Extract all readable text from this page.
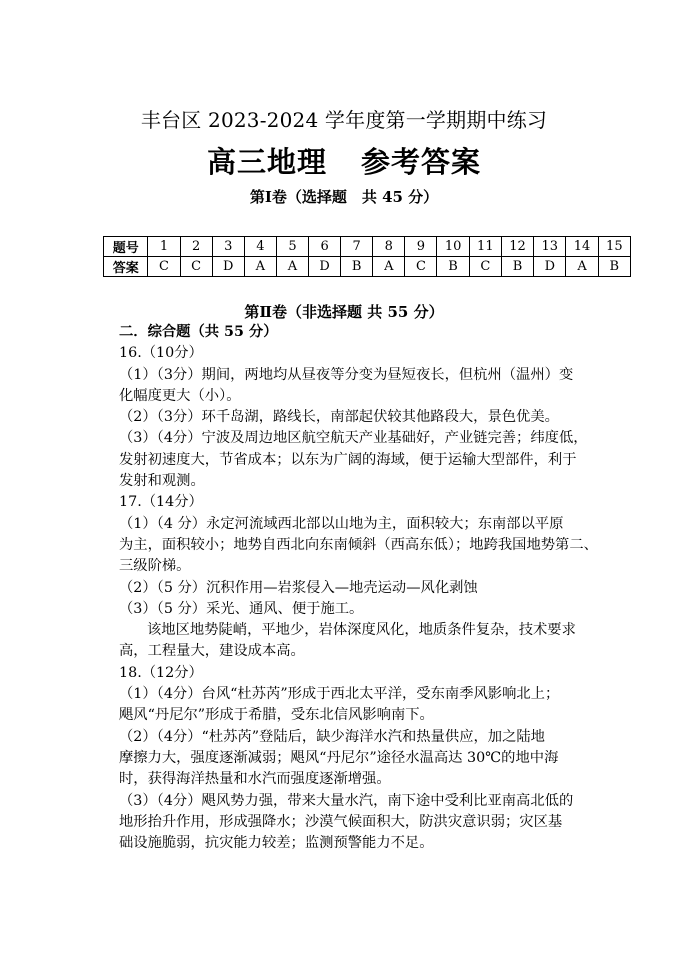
丰台区 2023-2024 学年度第一学期期中练习
高三地理 参考答案
第Ⅰ卷（选择题　共 45 分）
题号	1	2	3	4	5	6	7	8	9	10	11	12	13	14	15
答案	C	C	D	A	A	D	B	A	C	B	C	B	D	A	B
第Ⅱ卷（非选择题 共 55 分）

二．综合题（共 55 分）

16.（10分）

（1）（3分）期间，两地均从昼夜等分变为昼短夜长，但杭州（温州）变

化幅度更大（小）。

（2）（3分）环千岛湖，路线长，南部起伏较其他路段大，景色优美。

（3）（4分）宁波及周边地区航空航天产业基础好，产业链完善；纬度低，

发射初速度大，节省成本；以东为广阔的海域，便于运输大型部件，利于

发射和观测。

17.（14分）

（1）（4 分）永定河流域西北部以山地为主，面积较大；东南部以平原

为主，面积较小；地势自西北向东南倾斜（西高东低）；地跨我国地势第二、

三级阶梯。

（2）（5 分）沉积作用—岩浆侵入—地壳运动—风化剥蚀

（3）（5 分）采光、通风、便于施工。

该地区地势陡峭，平地少，岩体深度风化，地质条件复杂，技术要求

高，工程量大，建设成本高。

18.（12分）

（1）（4分）台风“杜苏芮”形成于西北太平洋，受东南季风影响北上；

飓风“丹尼尔”形成于希腊，受东北信风影响南下。

（2）（4分）“杜苏芮”登陆后，缺少海洋水汽和热量供应，加之陆地

摩擦力大，强度逐渐减弱；飓风“丹尼尔”途径水温高达 30℃的地中海

时，获得海洋热量和水汽而强度逐渐增强。

（3）（4分）飓风势力强，带来大量水汽，南下途中受利比亚南高北低的

地形抬升作用，形成强降水；沙漠气候面积大，防洪灾意识弱；灾区基

础设施脆弱，抗灾能力较差；监测预警能力不足。
